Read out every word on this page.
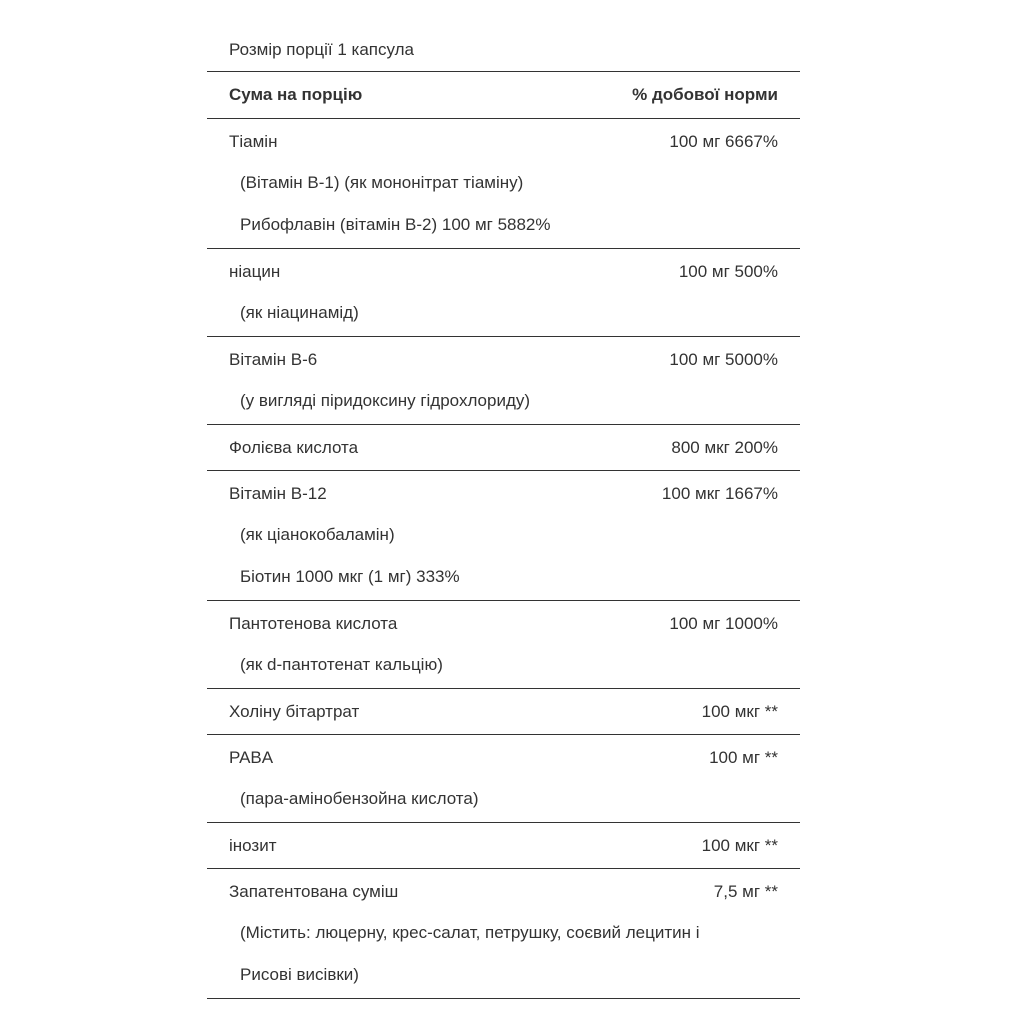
Розмір порції 1 капсула
Сума на порцію	% добової норми
Тіамін	100 мг 6667%
(Вітамін B-1) (як мононітрат тіаміну)
Рибофлавін (вітамін B-2) 100 мг 5882%
ніацин	100 мг 500%
(як ніацинамід)
Вітамін B-6	100 мг 5000%
(у вигляді піридоксину гідрохлориду)
Фолієва кислота	800 мкг 200%
Вітамін B-12	100 мкг 1667%
(як ціанокобаламін)
Біотин 1000 мкг (1 мг) 333%
Пантотенова кислота	100 мг 1000%
(як d-пантотенат кальцію)
Холіну бітартрат	100 мкг **
PABA	100 мг **
(пара-амінобензойна кислота)
інозит	100 мкг **
Запатентована суміш	7,5 мг **
(Містить: люцерну, крес-салат, петрушку, соєвий лецитин і
Рисові висівки)
